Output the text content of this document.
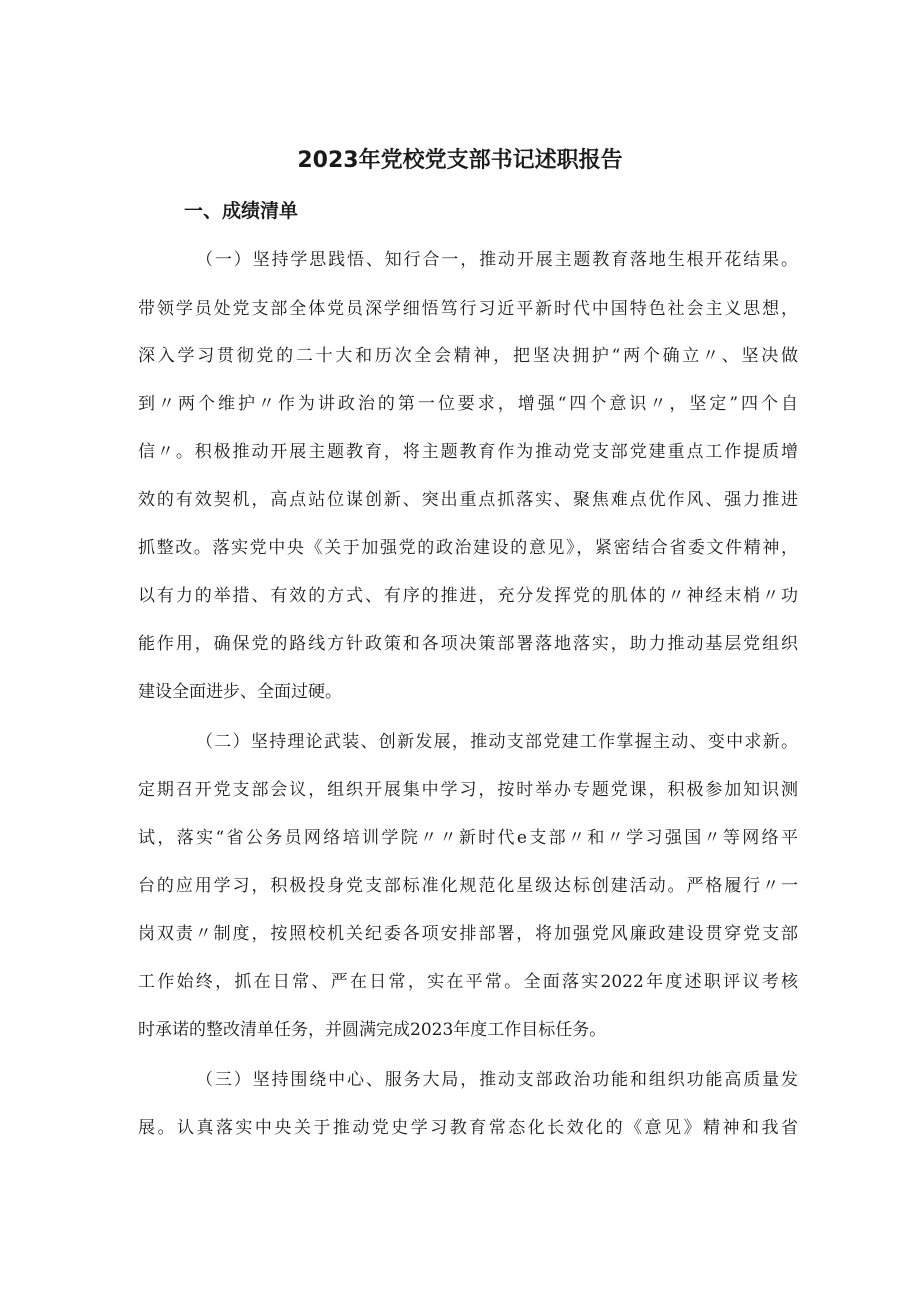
2023年党校党支部书记述职报告
一、成绩清单
（一）坚持学思践悟、知行合一，推动开展主题教育落地生根开花结果。
带领学员处党支部全体党员深学细悟笃行习近平新时代中国特色社会主义思想，
深入学习贯彻党的二十大和历次全会精神，把坚决拥护“两个确立〃、坚决做
到〃两个维护〃作为讲政治的第一位要求，增强“四个意识〃，坚定”四个自
信〃。积极推动开展主题教育，将主题教育作为推动党支部党建重点工作提质增
效的有效契机，高点站位谋创新、突出重点抓落实、聚焦难点优作风、强力推进
抓整改。落实党中央《关于加强党的政治建设的意见》，紧密结合省委文件精神，
以有力的举措、有效的方式、有序的推进，充分发挥党的肌体的〃神经末梢〃功
能作用，确保党的路线方针政策和各项决策部署落地落实，助力推动基层党组织
建设全面进步、全面过硬。
（二）坚持理论武装、创新发展，推动支部党建工作掌握主动、变中求新。
定期召开党支部会议，组织开展集中学习，按时举办专题党课，积极参加知识测
试，落实“省公务员网络培训学院〃〃新时代e支部〃和〃学习强国〃等网络平
台的应用学习，积极投身党支部标准化规范化星级达标创建活动。严格履行〃一
岗双责〃制度，按照校机关纪委各项安排部署，将加强党风廉政建设贯穿党支部
工作始终，抓在日常、严在日常，实在平常。全面落实2022年度述职评议考核
时承诺的整改清单任务，并圆满完成2023年度工作目标任务。
（三）坚持围绕中心、服务大局，推动支部政治功能和组织功能高质量发
展。认真落实中央关于推动党史学习教育常态化长效化的《意见》精神和我省
